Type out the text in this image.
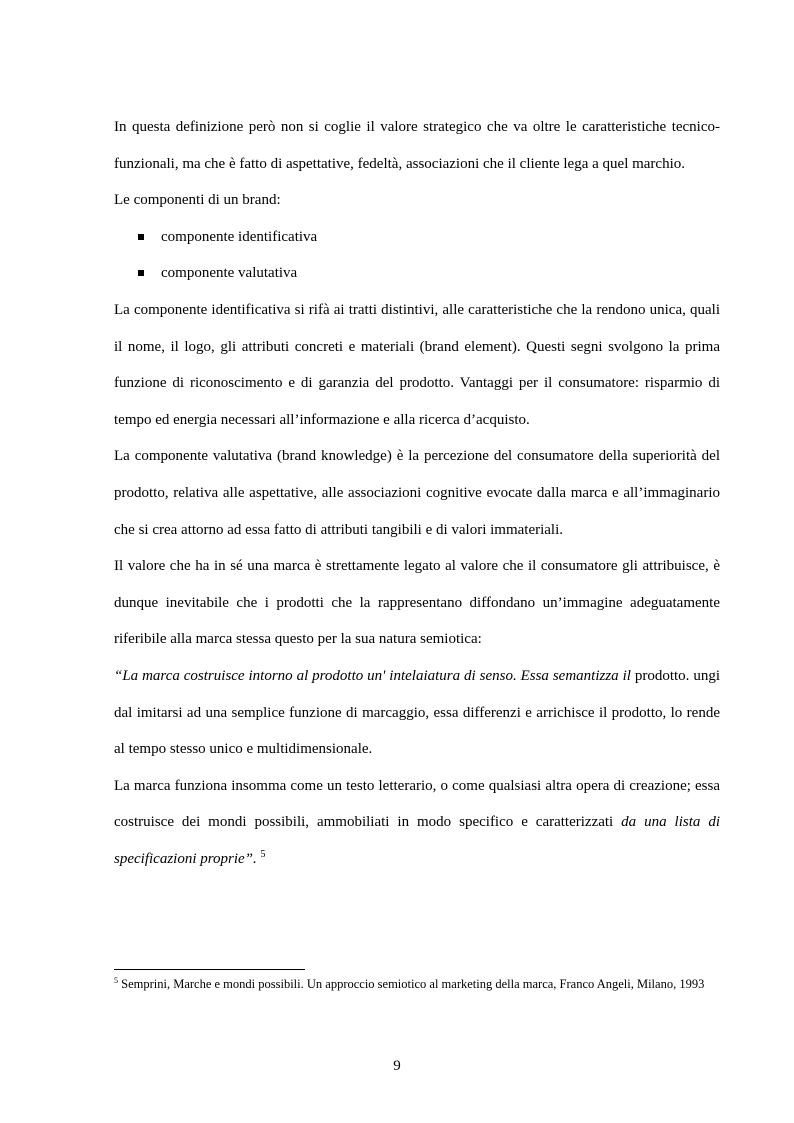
In questa definizione però non si coglie il valore strategico che va oltre le caratteristiche tecnico-funzionali, ma che è fatto di aspettative, fedeltà, associazioni che il cliente lega a quel marchio.

Le componenti di un brand:

componente identificativa
componente valutativa

La componente identificativa si rifà ai tratti distintivi, alle caratteristiche che la rendono unica, quali il nome, il logo, gli attributi concreti e materiali (brand element). Questi segni svolgono la prima funzione di riconoscimento e di garanzia del prodotto. Vantaggi per il consumatore: risparmio di tempo ed energia necessari all’informazione e alla ricerca d’acquisto.

La componente valutativa (brand knowledge) è la percezione del consumatore della superiorità del prodotto, relativa alle aspettative, alle associazioni cognitive evocate dalla marca e all’immaginario che si crea attorno ad essa fatto di attributi tangibili e di valori immateriali.

Il valore che ha in sé una marca è strettamente legato al valore che il consumatore gli attribuisce, è dunque inevitabile che i prodotti che la rappresentano diffondano un’immagine adeguatamente riferibile alla marca stessa questo per la sua natura semiotica:

“La marca costruisce intorno al prodotto un' intelaiatura di senso. Essa semantizza il prodotto. ungi dal imitarsi ad una semplice funzione di marcaggio, essa differenzi e arrichisce il prodotto, lo rende al tempo stesso unico e multidimensionale.

La marca funziona insomma come un testo letterario, o come qualsiasi altra opera di creazione; essa costruisce dei mondi possibili, ammobiliati in modo specifico e caratterizzati da una lista di specificazioni proprie”. $^5$

$^5$ Semprini, Marche e mondi possibili. Un approccio semiotico al marketing della marca, Franco Angeli, Milano, 1993
9
